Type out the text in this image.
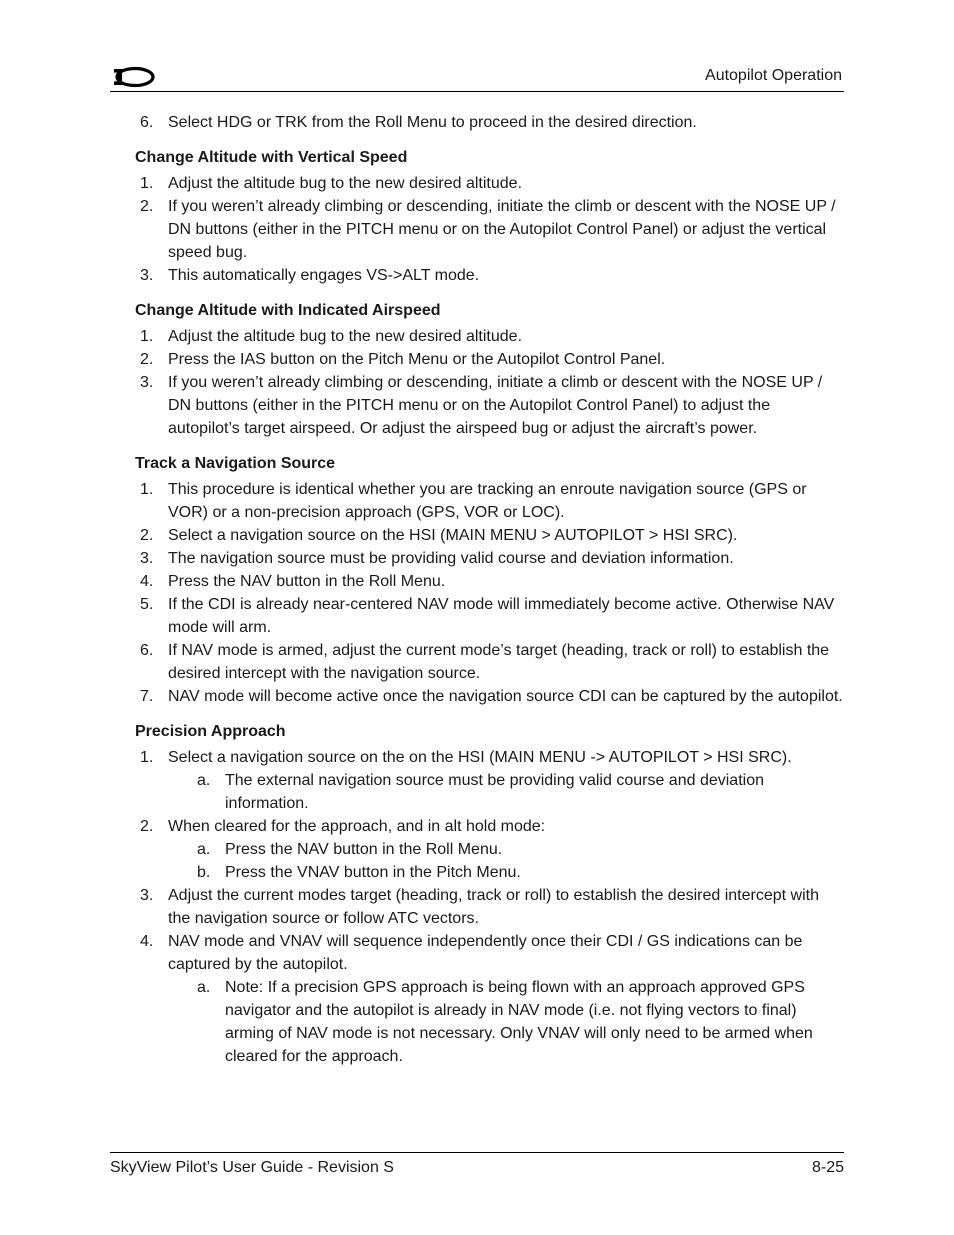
Autopilot Operation
6. Select HDG or TRK from the Roll Menu to proceed in the desired direction.
Change Altitude with Vertical Speed
1. Adjust the altitude bug to the new desired altitude.
2. If you weren’t already climbing or descending, initiate the climb or descent with the NOSE UP / DN buttons (either in the PITCH menu or on the Autopilot Control Panel) or adjust the vertical speed bug.
3. This automatically engages VS->ALT mode.
Change Altitude with Indicated Airspeed
1. Adjust the altitude bug to the new desired altitude.
2. Press the IAS button on the Pitch Menu or the Autopilot Control Panel.
3. If you weren’t already climbing or descending, initiate a climb or descent with the NOSE UP / DN buttons (either in the PITCH menu or on the Autopilot Control Panel) to adjust the autopilot’s target airspeed. Or adjust the airspeed bug or adjust the aircraft’s power.
Track a Navigation Source
1. This procedure is identical whether you are tracking an enroute navigation source (GPS or VOR) or a non-precision approach (GPS, VOR or LOC).
2. Select a navigation source on the HSI (MAIN MENU > AUTOPILOT > HSI SRC).
3. The navigation source must be providing valid course and deviation information.
4. Press the NAV button in the Roll Menu.
5. If the CDI is already near-centered NAV mode will immediately become active. Otherwise NAV mode will arm.
6. If NAV mode is armed, adjust the current mode’s target (heading, track or roll) to establish the desired intercept with the navigation source.
7. NAV mode will become active once the navigation source CDI can be captured by the autopilot.
Precision Approach
1. Select a navigation source on the on the HSI (MAIN MENU -> AUTOPILOT > HSI SRC).
a. The external navigation source must be providing valid course and deviation information.
2. When cleared for the approach, and in alt hold mode:
a. Press the NAV button in the Roll Menu.
b. Press the VNAV button in the Pitch Menu.
3. Adjust the current modes target (heading, track or roll) to establish the desired intercept with the navigation source or follow ATC vectors.
4. NAV mode and VNAV will sequence independently once their CDI / GS indications can be captured by the autopilot.
a. Note: If a precision GPS approach is being flown with an approach approved GPS navigator and the autopilot is already in NAV mode (i.e. not flying vectors to final) arming of NAV mode is not necessary. Only VNAV will only need to be armed when cleared for the approach.
SkyView Pilot’s User Guide - Revision S	8-25
